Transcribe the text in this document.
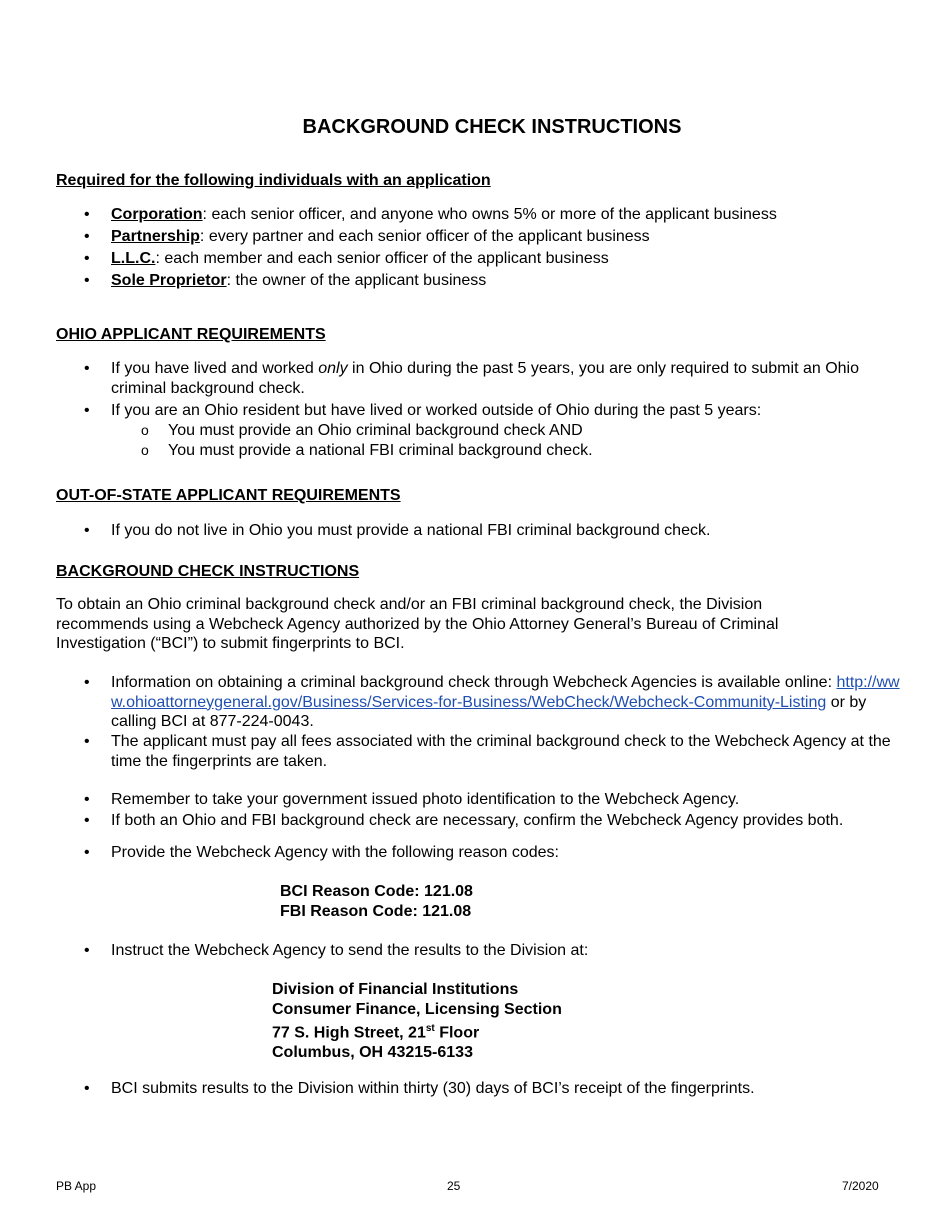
BACKGROUND CHECK INSTRUCTIONS
Required for the following individuals with an application
• Corporation: each senior officer, and anyone who owns 5% or more of the applicant business
• Partnership: every partner and each senior officer of the applicant business
• L.L.C.: each member and each senior officer of the applicant business
• Sole Proprietor: the owner of the applicant business
OHIO APPLICANT REQUIREMENTS
• If you have lived and worked only in Ohio during the past 5 years, you are only required to submit an Ohio criminal background check.
• If you are an Ohio resident but have lived or worked outside of Ohio during the past 5 years:
o You must provide an Ohio criminal background check AND
o You must provide a national FBI criminal background check.
OUT-OF-STATE APPLICANT REQUIREMENTS
• If you do not live in Ohio you must provide a national FBI criminal background check.
BACKGROUND CHECK INSTRUCTIONS
To obtain an Ohio criminal background check and/or an FBI criminal background check, the Division recommends using a Webcheck Agency authorized by the Ohio Attorney General’s Bureau of Criminal Investigation (“BCI”) to submit fingerprints to BCI.
• Information on obtaining a criminal background check through Webcheck Agencies is available online: http://www.ohioattorneygeneral.gov/Business/Services-for-Business/WebCheck/Webcheck-Community-Listing or by calling BCI at 877-224-0043.
• The applicant must pay all fees associated with the criminal background check to the Webcheck Agency at the time the fingerprints are taken.
• Remember to take your government issued photo identification to the Webcheck Agency.
• If both an Ohio and FBI background check are necessary, confirm the Webcheck Agency provides both.
• Provide the Webcheck Agency with the following reason codes:
BCI Reason Code: 121.08
FBI Reason Code: 121.08
• Instruct the Webcheck Agency to send the results to the Division at:
Division of Financial Institutions
Consumer Finance, Licensing Section
77 S. High Street, 21st Floor
Columbus, OH 43215-6133
• BCI submits results to the Division within thirty (30) days of BCI’s receipt of the fingerprints.
PB App	25	7/2020
